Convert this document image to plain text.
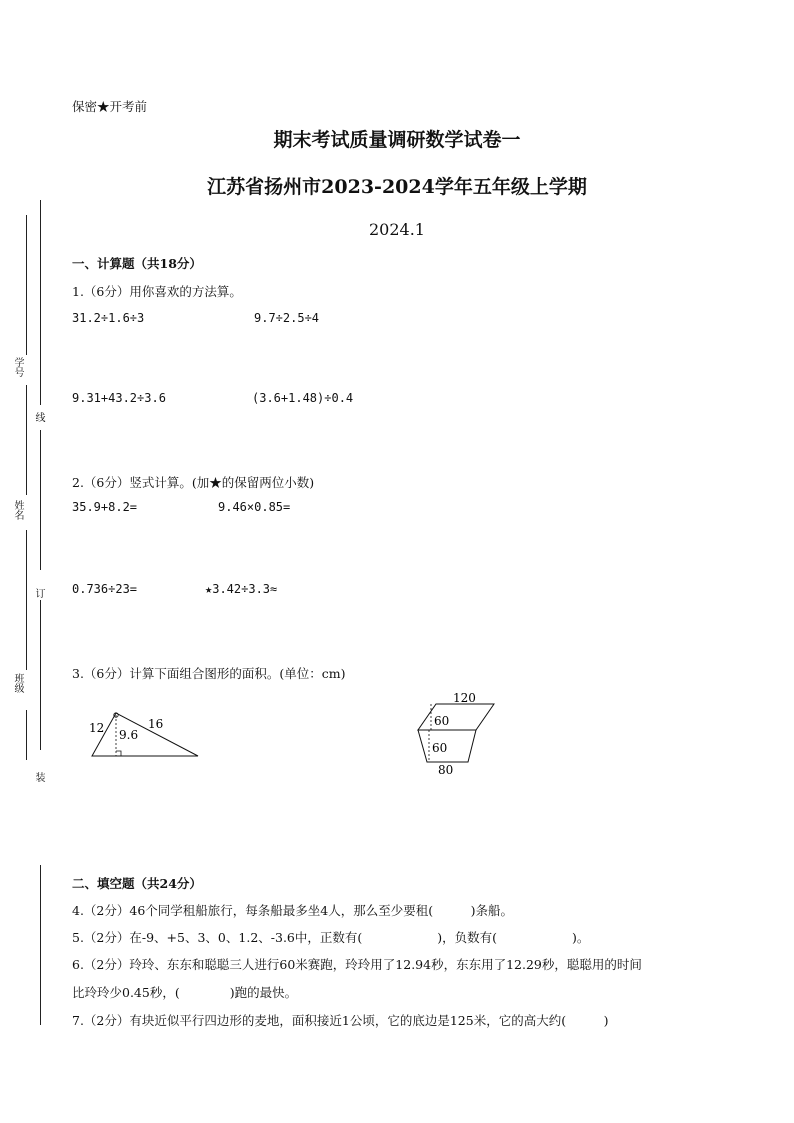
学号
姓名
班级
线
订
装
保密★开考前
期末考试质量调研数学试卷一
江苏省扬州市2023-2024学年五年级上学期
2024.1
一、计算题（共18分）
1.（6分）用你喜欢的方法算。
31.2÷1.6÷3	9.7÷2.5÷4
9.31+43.2÷3.6	(3.6+1.48)÷0.4
2.（6分）竖式计算。(加★的保留两位小数)
35.9+8.2=	9.46×0.85=
0.736÷23=	★3.42÷3.3≈
3.（6分）计算下面组合图形的面积。(单位：cm)
12	16
9.6
120
60
60
80
二、填空题（共24分）
4.（2分）46个同学租船旅行，每条船最多坐4人，那么至少要租(　　　)条船。
5.（2分）在-9、+5、3、0、1.2、-3.6中，正数有(　　　　　　)，负数有(　　　　　　)。
6.（2分）玲玲、东东和聪聪三人进行60米赛跑，玲玲用了12.94秒，东东用了12.29秒，聪聪用的时间
比玲玲少0.45秒，(　　　　)跑的最快。
7.（2分）有块近似平行四边形的麦地，面积接近1公顷，它的底边是125米，它的高大约(　　　)
